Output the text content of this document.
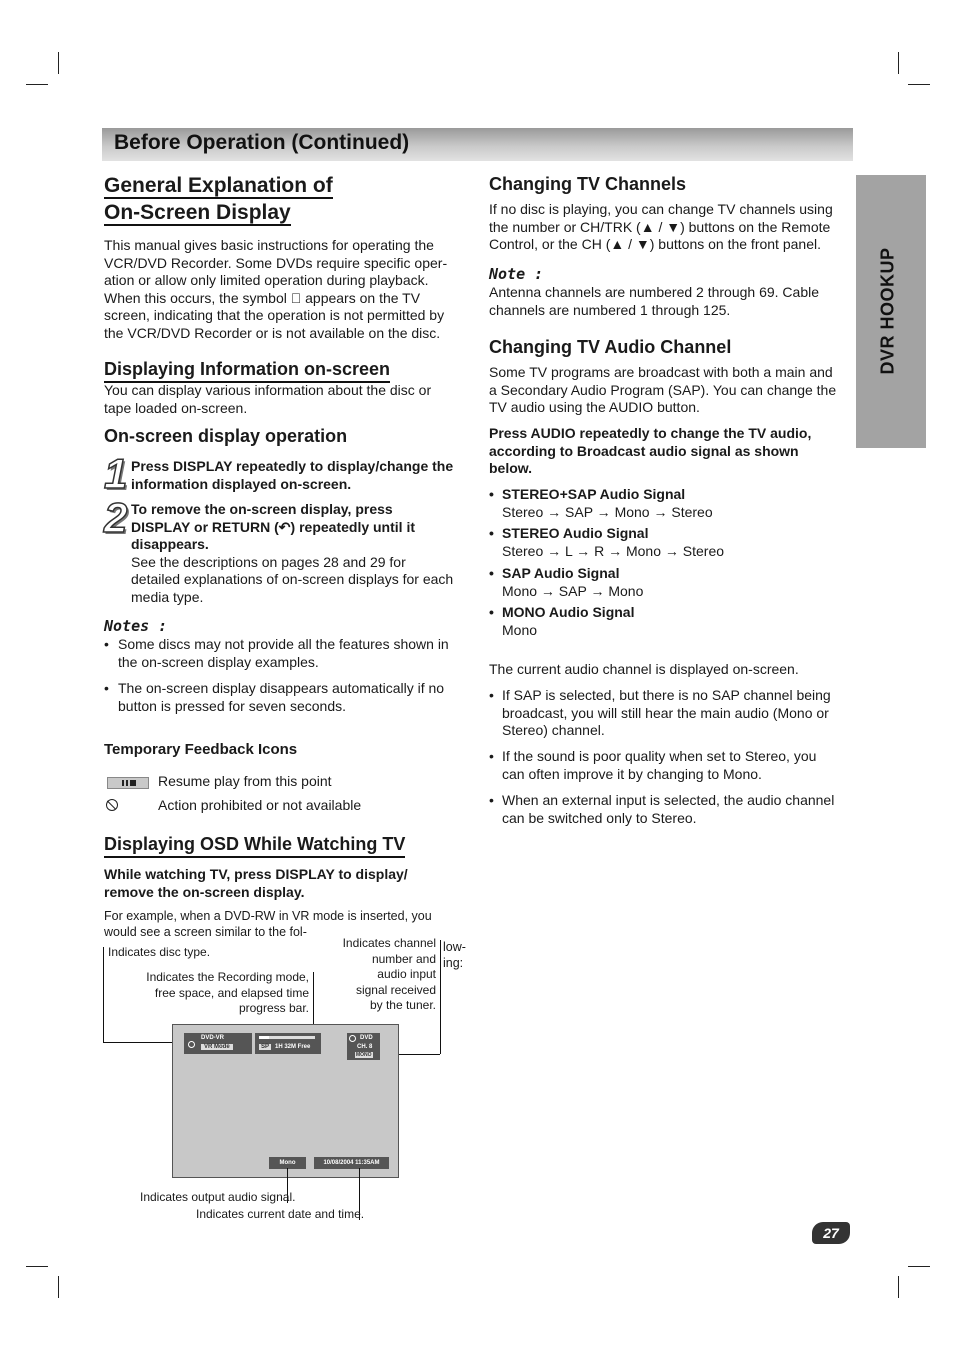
Before Operation (Continued)
DVR HOOKUP
General Explanation of
On-Screen Display
This manual gives basic instructions for operating the
VCR/DVD Recorder. Some DVDs require specific oper-
ation or allow only limited operation during playback.
When this occurs, the symbol ⃠ appears on the TV
screen, indicating that the operation is not permitted by
the VCR/DVD Recorder or is not available on the disc.
Displaying Information on-screen
You can display various information about the disc or
tape loaded on-screen.
On-screen display operation
1 Press DISPLAY repeatedly to display/change the
information displayed on-screen.
2 To remove the on-screen display, press
DISPLAY or RETURN (↶) repeatedly until it
disappears.
See the descriptions on pages 28 and 29 for
detailed explanations of on-screen displays for each
media type.
Notes :
• Some discs may not provide all the features shown in
the on-screen display examples.
• The on-screen display disappears automatically if no
button is pressed for seven seconds.
Temporary Feedback Icons
Resume play from this point
Action prohibited or not available
Displaying OSD While Watching TV
While watching TV, press DISPLAY to display/
remove the on-screen display.
For example, when a DVD-RW in VR mode is inserted, you
would see a screen similar to the fol-
low-
ing:
Indicates disc type.
Indicates the Recording mode,
free space, and elapsed time
progress bar.
Indicates channel
number and
audio input
signal received
by the tuner.
DVD-VR
VR Mode	SP 1H 32M Free
DVD
CH. 8
MONO
Mono	10/08/2004 11:35AM
Indicates output audio signal.
Indicates current date and time.
Changing TV Channels
If no disc is playing, you can change TV channels using
the number or CH/TRK (▲ / ▼) buttons on the Remote
Control, or the CH (▲ / ▼) buttons on the front panel.
Note :
Antenna channels are numbered 2 through 69. Cable
channels are numbered 1 through 125.
Changing TV Audio Channel
Some TV programs are broadcast with both a main and
a Secondary Audio Program (SAP). You can change the
TV audio using the AUDIO button.
Press AUDIO repeatedly to change the TV audio,
according to Broadcast audio signal as shown
below.
• STEREO+SAP Audio Signal
Stereo → SAP → Mono → Stereo
• STEREO Audio Signal
Stereo → L → R → Mono → Stereo
• SAP Audio Signal
Mono → SAP → Mono
• MONO Audio Signal
Mono
The current audio channel is displayed on-screen.
• If SAP is selected, but there is no SAP channel being
broadcast, you will still hear the main audio (Mono or
Stereo) channel.
• If the sound is poor quality when set to Stereo, you
can often improve it by changing to Mono.
• When an external input is selected, the audio channel
can be switched only to Stereo.
27
